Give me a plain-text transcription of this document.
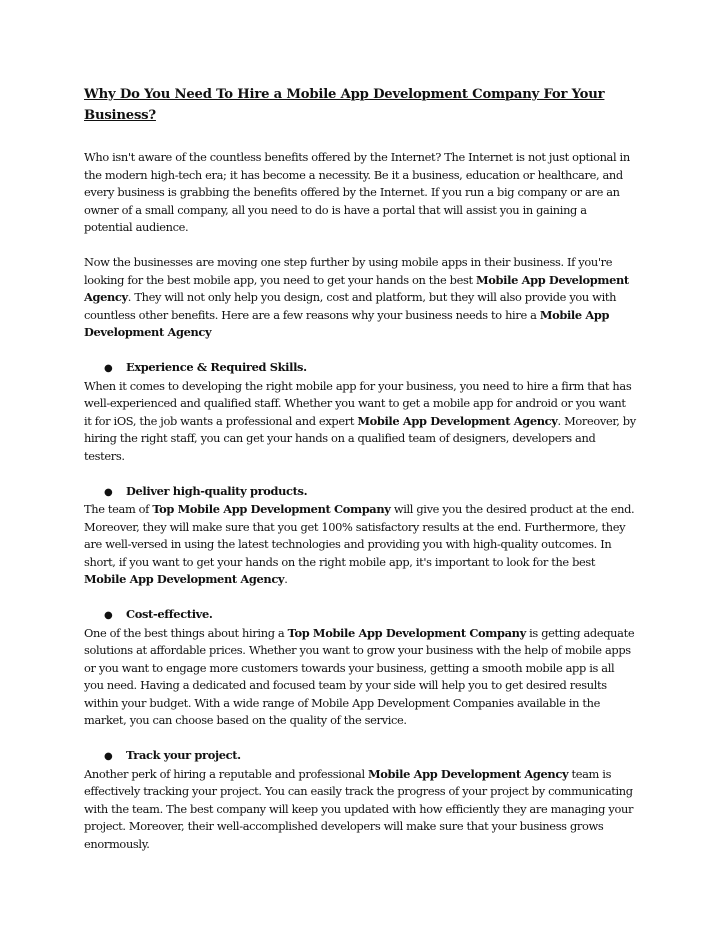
Why Do You Need To Hire a Mobile App Development Company For Your Business?

Who isn't aware of the countless benefits offered by the Internet? The Internet is not just optional in the modern high-tech era; it has become a necessity. Be it a business, education or healthcare, and every business is grabbing the benefits offered by the Internet. If you run a big company or are an owner of a small company, all you need to do is have a portal that will assist you in gaining a potential audience.

Now the businesses are moving one step further by using mobile apps in their business. If you're looking for the best mobile app, you need to get your hands on the best Mobile App Development Agency. They will not only help you design, cost and platform, but they will also provide you with countless other benefits. Here are a few reasons why your business needs to hire a Mobile App Development Agency

●	Experience & Required Skills.

When it comes to developing the right mobile app for your business, you need to hire a firm that has well-experienced and qualified staff. Whether you want to get a mobile app for android or you want it for iOS, the job wants a professional and expert Mobile App Development Agency. Moreover, by hiring the right staff, you can get your hands on a qualified team of designers, developers and testers.

●	Deliver high-quality products.

The team of Top Mobile App Development Company will give you the desired product at the end. Moreover, they will make sure that you get 100% satisfactory results at the end. Furthermore, they are well-versed in using the latest technologies and providing you with high-quality outcomes. In short, if you want to get your hands on the right mobile app, it's important to look for the best Mobile App Development Agency.

●	Cost-effective.

One of the best things about hiring a Top Mobile App Development Company is getting adequate solutions at affordable prices. Whether you want to grow your business with the help of mobile apps or you want to engage more customers towards your business, getting a smooth mobile app is all you need. Having a dedicated and focused team by your side will help you to get desired results within your budget. With a wide range of Mobile App Development Companies available in the market, you can choose based on the quality of the service.

●	Track your project.

Another perk of hiring a reputable and professional Mobile App Development Agency team is effectively tracking your project. You can easily track the progress of your project by communicating with the team. The best company will keep you updated with how efficiently they are managing your project. Moreover, their well-accomplished developers will make sure that your business grows enormously.
